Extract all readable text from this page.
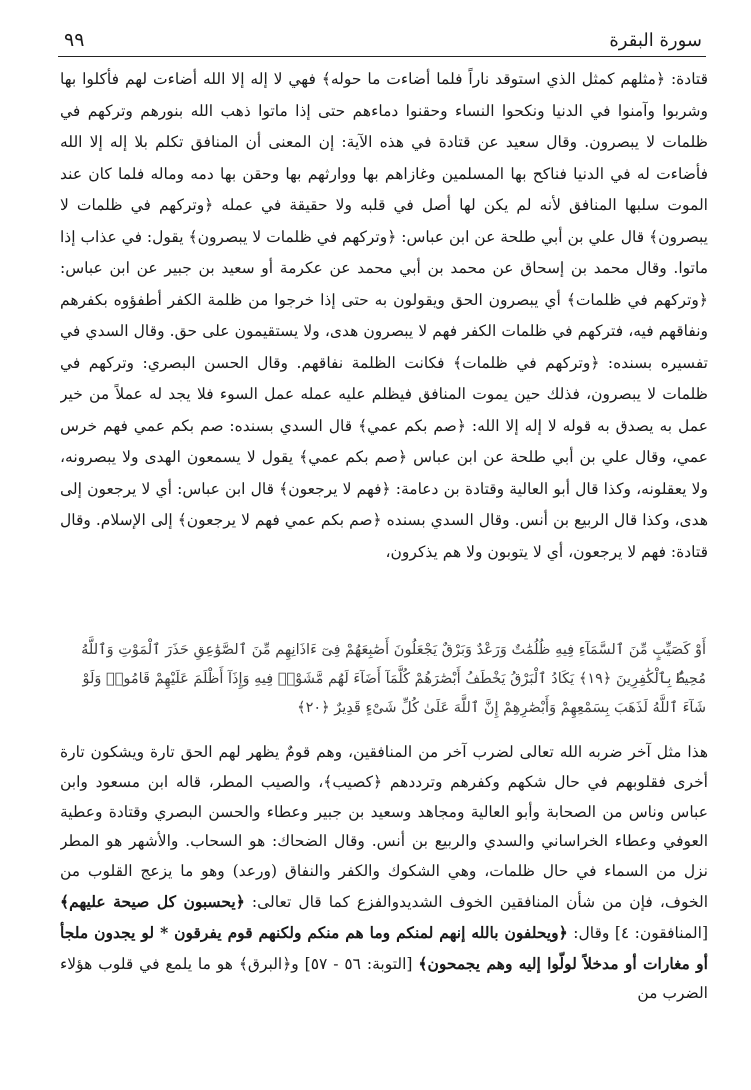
سورة البقرة
٩٩

قتادة: ﴿مثلهم كمثل الذي استوقد ناراً فلما أضاءت ما حوله﴾ فهي لا إله إلا الله أضاءت لهم فأكلوا بها وشربوا وآمنوا في الدنيا ونكحوا النساء وحقنوا دماءهم حتى إذا ماتوا ذهب الله بنورهم وتركهم في ظلمات لا يبصرون. وقال سعيد عن قتادة في هذه الآية: إن المعنى أن المنافق تكلم بلا إله إلا الله فأضاءت له في الدنيا فناكح بها المسلمين وغازاهم بها ووارثهم بها وحقن بها دمه وماله فلما كان عند الموت سلبها المنافق لأنه لم يكن لها أصل في قلبه ولا حقيقة في عمله ﴿وتركهم في ظلمات لا يبصرون﴾ قال علي بن أبي طلحة عن ابن عباس: ﴿وتركهم في ظلمات لا يبصرون﴾ يقول: في عذاب إذا ماتوا. وقال محمد بن إسحاق عن محمد بن أبي محمد عن عكرمة أو سعيد بن جبير عن ابن عباس: ﴿وتركهم في ظلمات﴾ أي يبصرون الحق ويقولون به حتى إذا خرجوا من ظلمة الكفر أطفؤوه بكفرهم ونفاقهم فيه، فتركهم في ظلمات الكفر فهم لا يبصرون هدى، ولا يستقيمون على حق. وقال السدي في تفسيره بسنده: ﴿وتركهم في ظلمات﴾ فكانت الظلمة نفاقهم. وقال الحسن البصري: وتركهم في ظلمات لا يبصرون، فذلك حين يموت المنافق فيظلم عليه عمله عمل السوء فلا يجد له عملاً من خير عمل به يصدق به قوله لا إله إلا الله: ﴿صم بكم عمي﴾ قال السدي بسنده: صم بكم عمي فهم خرس عمي، وقال علي بن أبي طلحة عن ابن عباس ﴿صم بكم عمي﴾ يقول لا يسمعون الهدى ولا يبصرونه، ولا يعقلونه، وكذا قال أبو العالية وقتادة بن دعامة: ﴿فهم لا يرجعون﴾ قال ابن عباس: أي لا يرجعون إلى هدى، وكذا قال الربيع بن أنس. وقال السدي بسنده ﴿صم بكم عمي فهم لا يرجعون﴾ إلى الإسلام. وقال قتادة: فهم لا يرجعون، أي لا يتوبون ولا هم يذكرون،

أَوْ كَصَيِّبٍ مِّنَ ٱلسَّمَآءِ فِيهِ ظُلُمَٰتٌ وَرَعْدٌ وَبَرْقٌ يَجْعَلُونَ أَصَٰبِعَهُمْ فِىٓ ءَاذَانِهِم مِّنَ ٱلصَّوَٰعِقِ حَذَرَ ٱلْمَوْتِ وَٱللَّهُ مُحِيطٌۢ بِٱلْكَٰفِرِينَ ﴿١٩﴾ يَكَادُ ٱلْبَرْقُ يَخْطَفُ أَبْصَٰرَهُمْ كُلَّمَآ أَضَآءَ لَهُم مَّشَوْا۟ فِيهِ وَإِذَآ أَظْلَمَ عَلَيْهِمْ قَامُوا۟ وَلَوْ شَآءَ ٱللَّهُ لَذَهَبَ بِسَمْعِهِمْ وَأَبْصَٰرِهِمْ إِنَّ ٱللَّهَ عَلَىٰ كُلِّ شَىْءٍ قَدِيرٌ ﴿٢٠﴾

هذا مثل آخر ضربه الله تعالى لضرب آخر من المنافقين، وهم قومٌ يظهر لهم الحق تارة ويشكون تارة أخرى فقلوبهم في حال شكهم وكفرهم وترددهم ﴿كصيب﴾، والصيب المطر، قاله ابن مسعود وابن عباس وناس من الصحابة وأبو العالية ومجاهد وسعيد بن جبير وعطاء والحسن البصري وقتادة وعطية العوفي وعطاء الخراساني والسدي والربيع بن أنس. وقال الضحاك: هو السحاب. والأشهر هو المطر نزل من السماء في حال ظلمات، وهي الشكوك والكفر والنفاق (ورعد) وهو ما يزعج القلوب من الخوف، فإن من شأن المنافقين الخوف الشديدوالفزع كما قال تعالى: ﴿يحسبون كل صيحة عليهم﴾ [المنافقون: ٤] وقال: ﴿ويحلفون بالله إنهم لمنكم وما هم منكم ولكنهم قوم يفرقون * لو يجدون ملجأ أو مغارات أو مدخلاً لولّوا إليه وهم يجمحون﴾ [التوبة: ٥٦ - ٥٧] و﴿البرق﴾ هو ما يلمع في قلوب هؤلاء الضرب من
